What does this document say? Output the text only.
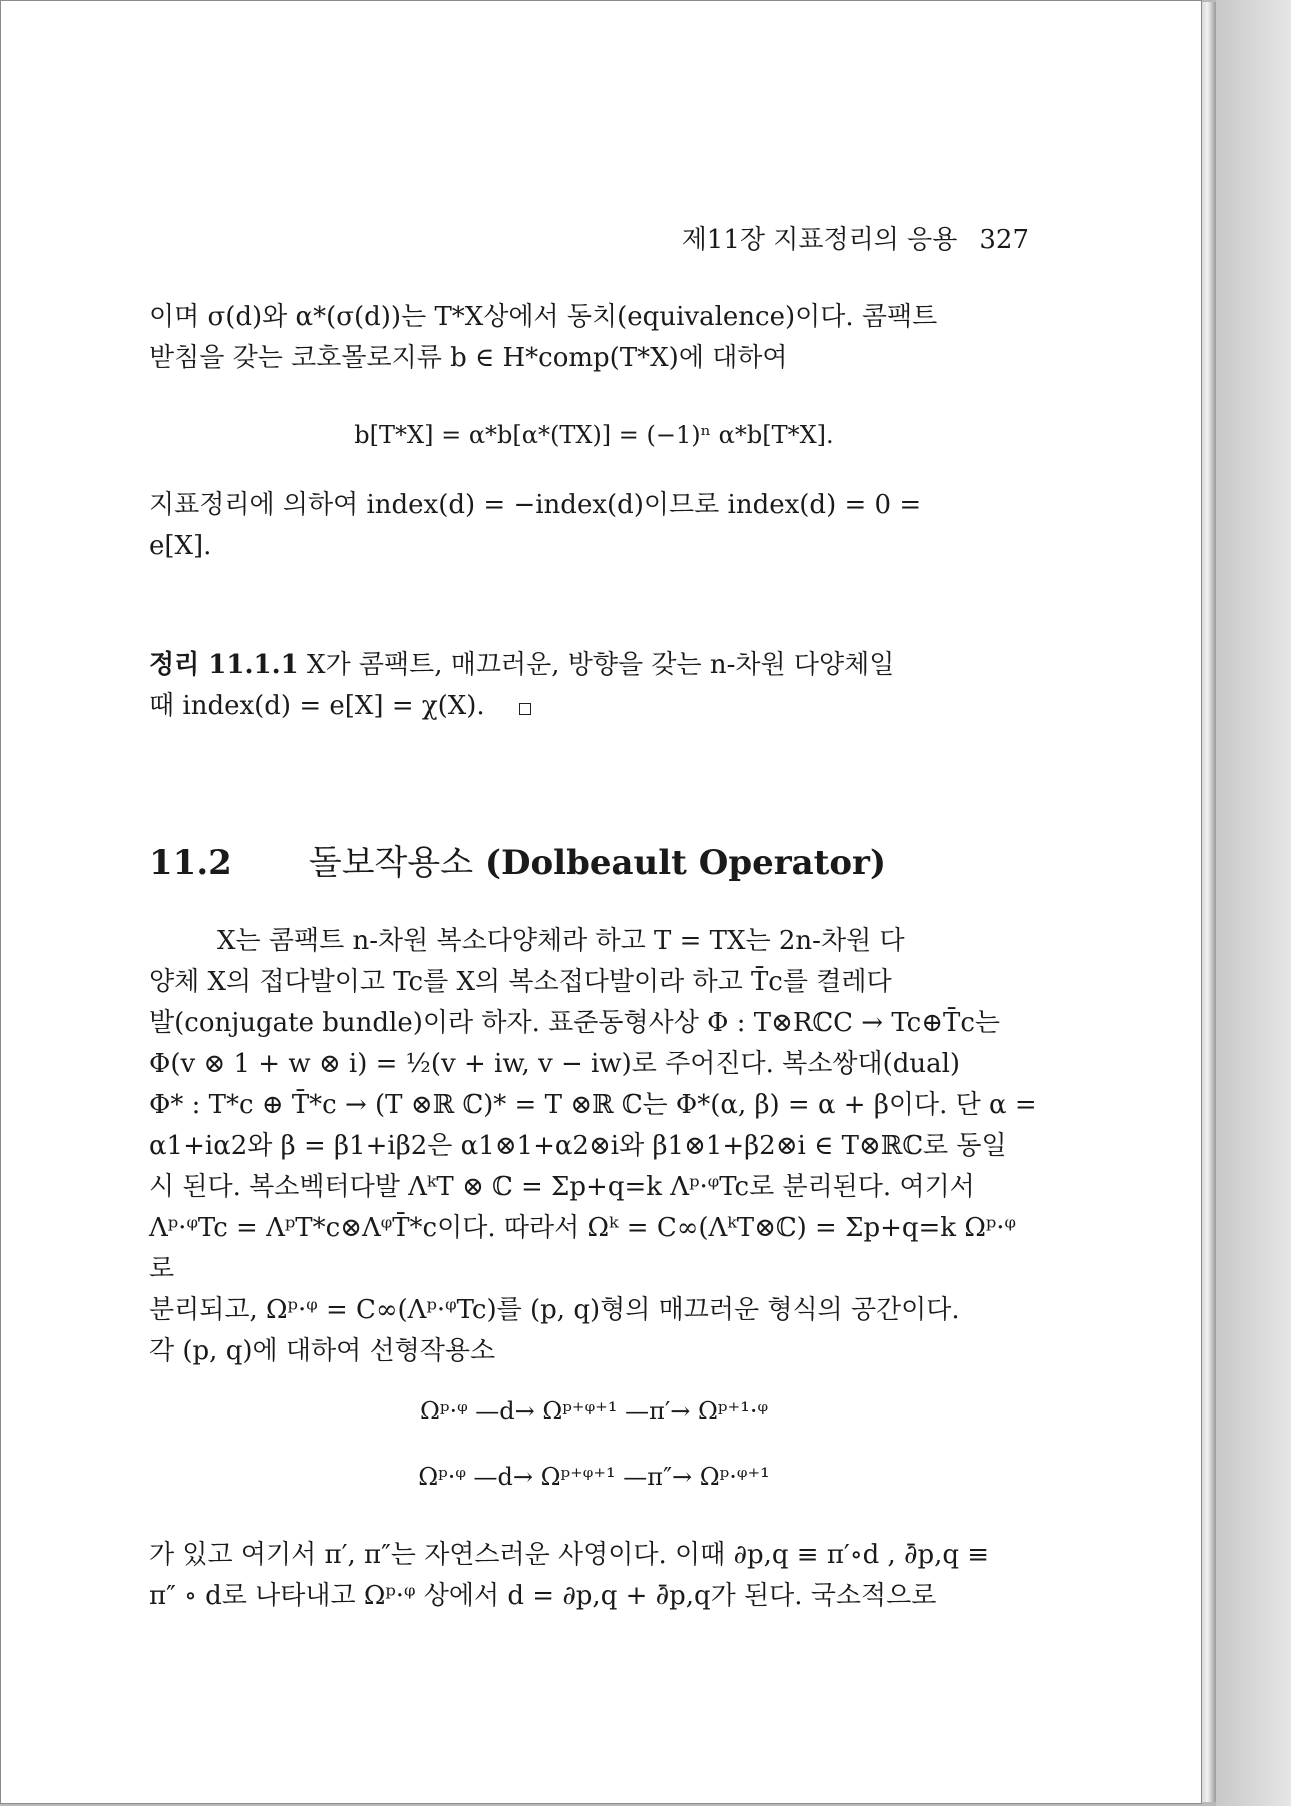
제11장 지표정리의 응용 327
이며 σ(d)와 α*(σ(d))는 T*X상에서 동치(equivalence)이다. 콤팩트
받침을 갖는 코호몰로지류 b ∈ H*comp(T*X)에 대하여
b[T*X] = α*b[α*(TX)] = (−1)ⁿ α*b[T*X].
지표정리에 의하여 index(d) = −index(d)이므로 index(d) = 0 =
e[X].
정리 11.1.1 X가 콤팩트, 매끄러운, 방향을 갖는 n-차원 다양체일
때 index(d) = e[X] = χ(X).
11.2 돌보작용소 (Dolbeault Operator)
X는 콤팩트 n-차원 복소다양체라 하고 T = TX는 2n-차원 다
양체 X의 접다발이고 Tc를 X의 복소접다발이라 하고 T̄c를 켤레다
발(conjugate bundle)이라 하자. 표준동형사상 Φ : T⊗RℂC → Tc⊕T̄c는
Φ(v ⊗ 1 + w ⊗ i) = ½(v + iw, v − iw)로 주어진다. 복소쌍대(dual)
Φ* : T*c ⊕ T̄*c → (T ⊗ℝ ℂ)* = T ⊗ℝ ℂ는 Φ*(α, β) = α + β이다. 단 α =
α1+iα2와 β = β1+iβ2은 α1⊗1+α2⊗i와 β1⊗1+β2⊗i ∈ T⊗ℝℂ로 동일
시 된다. 복소벡터다발 ΛᵏT ⊗ ℂ = Σp+q=k Λᵖ·ᵠTc로 분리된다. 여기서
Λᵖ·ᵠTc = ΛᵖT*c⊗ΛᵠT̄*c이다. 따라서 Ωᵏ = C∞(ΛᵏT⊗ℂ) = Σp+q=k Ωᵖ·ᵠ로
분리되고, Ωᵖ·ᵠ = C∞(Λᵖ·ᵠTc)를 (p, q)형의 매끄러운 형식의 공간이다.
각 (p, q)에 대하여 선형작용소
Ωᵖ·ᵠ —d→ Ωᵖ⁺ᵠ⁺¹ —π′→ Ωᵖ⁺¹·ᵠ
Ωᵖ·ᵠ —d→ Ωᵖ⁺ᵠ⁺¹ —π″→ Ωᵖ·ᵠ⁺¹
가 있고 여기서 π′, π″는 자연스러운 사영이다. 이때 ∂p,q ≡ π′∘d , ∂̄p,q ≡
π″ ∘ d로 나타내고 Ωᵖ·ᵠ 상에서 d = ∂p,q + ∂̄p,q가 된다. 국소적으로
